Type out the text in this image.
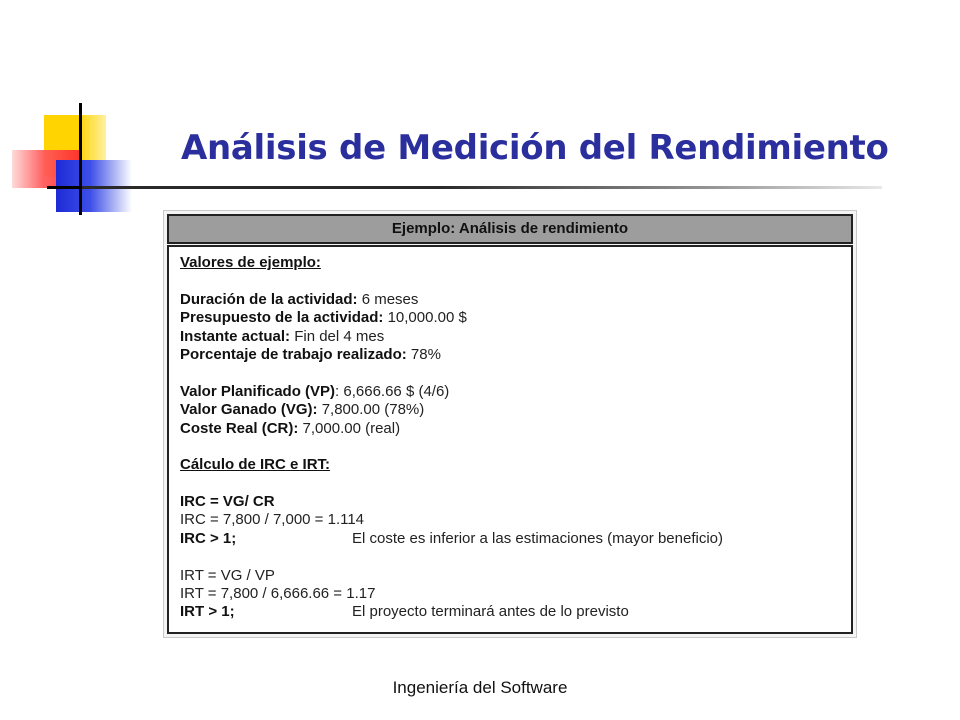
Análisis de Medición del Rendimiento
Ejemplo: Análisis de rendimiento
Valores de ejemplo:
Duración de la actividad: 6 meses
Presupuesto de la actividad: 10,000.00 $
Instante actual: Fin del 4 mes
Porcentaje de trabajo realizado: 78%
Valor Planificado (VP): 6,666.66 $ (4/6)
Valor Ganado (VG): 7,800.00 (78%)
Coste Real (CR): 7,000.00 (real)
Cálculo de IRC e IRT:
IRC = VG/ CR
IRC = 7,800 / 7,000 = 1.114
IRC > 1;	El coste es inferior a las estimaciones (mayor beneficio)
IRT = VG / VP
IRT = 7,800 / 6,666.66 = 1.17
IRT > 1;	El proyecto terminará antes de lo previsto
Ingeniería del Software
